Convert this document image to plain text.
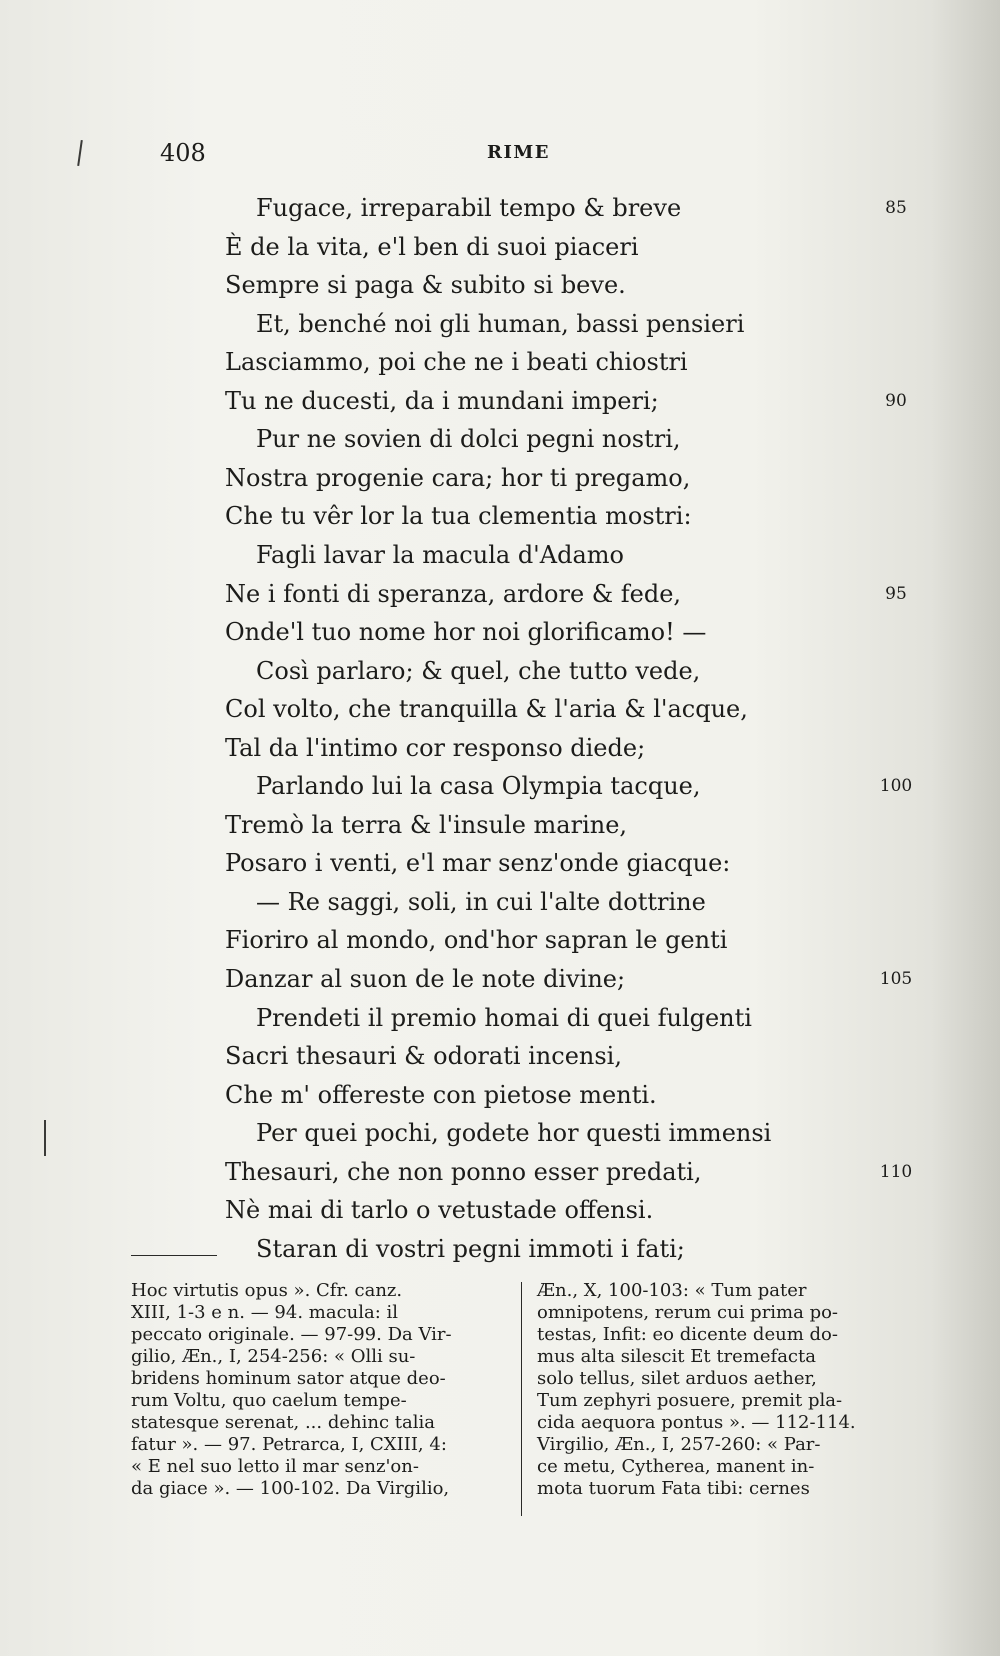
408	RIME
Fugace, irreparabil tempo & breve	85
È de la vita, e'l ben di suoi piaceri
Sempre si paga & subito si beve.
Et, benché noi gli human, bassi pensieri
Lasciammo, poi che ne i beati chiostri
Tu ne ducesti, da i mundani imperi;	90
Pur ne sovien di dolci pegni nostri,
Nostra progenie cara; hor ti pregamo,
Che tu vêr lor la tua clementia mostri:
Fagli lavar la macula d'Adamo
Ne i fonti di speranza, ardore & fede,	95
Onde'l tuo nome hor noi glorificamo! —
Così parlaro; & quel, che tutto vede,
Col volto, che tranquilla & l'aria & l'acque,
Tal da l'intimo cor responso diede;
Parlando lui la casa Olympia tacque,	100
Tremò la terra & l'insule marine,
Posaro i venti, e'l mar senz'onde giacque:
— Re saggi, soli, in cui l'alte dottrine
Fioriro al mondo, ond'hor sapran le genti
Danzar al suon de le note divine;	105
Prendeti il premio homai di quei fulgenti
Sacri thesauri & odorati incensi,
Che m' offereste con pietose menti.
Per quei pochi, godete hor questi immensi
Thesauri, che non ponno esser predati,	110
Nè mai di tarlo o vetustade offensi.
Staran di vostri pegni immoti i fati;
Hoc virtutis opus ». Cfr. canz.
XIII, 1-3 e n. — 94. macula: il
peccato originale. — 97-99. Da Vir-
gilio, Æn., I, 254-256: « Olli su-
bridens hominum sator atque deo-
rum Voltu, quo caelum tempe-
statesque serenat, ... dehinc talia
fatur ». — 97. Petrarca, I, CXIII, 4:
« E nel suo letto il mar senz'on-
da giace ». — 100-102. Da Virgilio,
Æn., X, 100-103: « Tum pater
omnipotens, rerum cui prima po-
testas, Infit: eo dicente deum do-
mus alta silescit Et tremefacta
solo tellus, silet arduos aether,
Tum zephyri posuere, premit pla-
cida aequora pontus ». — 112-114.
Virgilio, Æn., I, 257-260: « Par-
ce metu, Cytherea, manent in-
mota tuorum Fata tibi: cernes
